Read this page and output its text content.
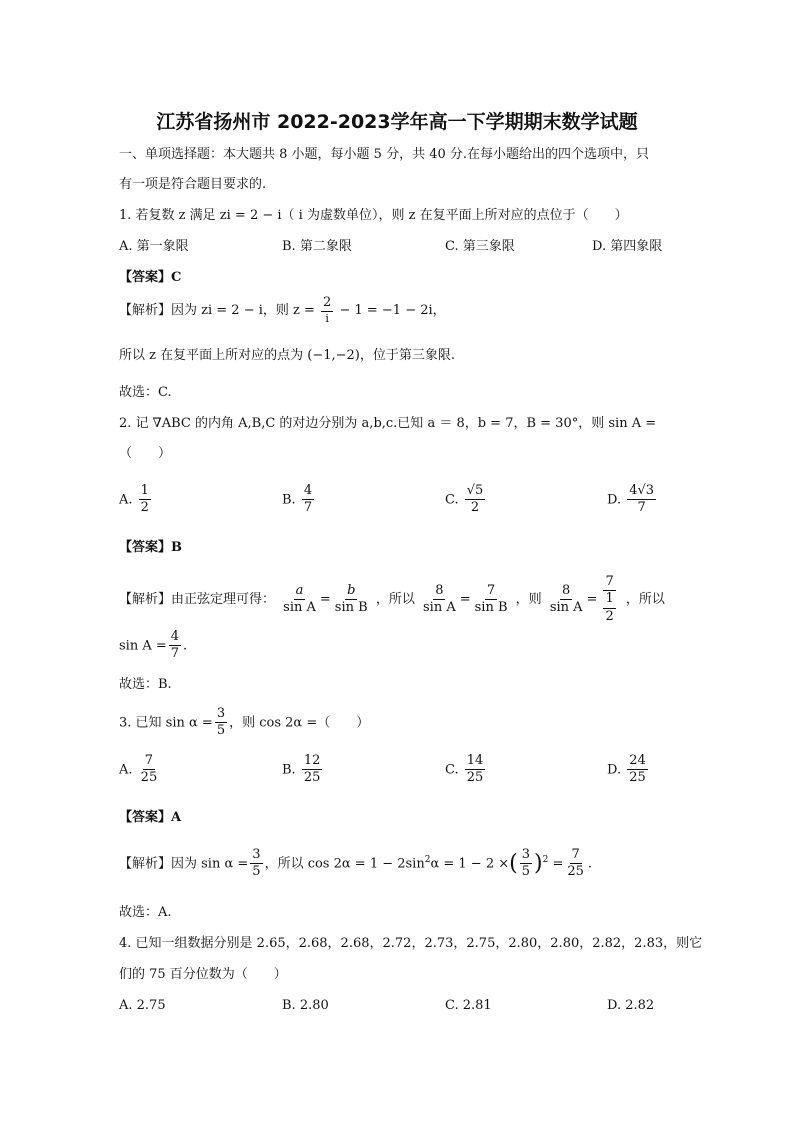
江苏省扬州市 2022-2023学年高一下学期期末数学试题
一、单项选择题：本大题共 8 小题，每小题 5 分，共 40 分.在每小题给出的四个选项中，只
有一项是符合题目要求的.
1. 若复数 z 满足 zi = 2 − i（ i 为虚数单位），则 z 在复平面上所对应的点位于（　　）
A. 第一象限	B. 第二象限	C. 第三象限	D. 第四象限
【答案】C
【解析】因为 zi = 2 − i，则 $z = \frac{2}{i} - 1 = -1 - 2i$，
所以 z 在复平面上所对应的点为 (−1,−2)，位于第三象限.
故选：C.
2. 记 ∇ABC 的内角 A,B,C 的对边分别为 a,b,c.已知 a ＝ 8，b = 7，B = 30°，则 sin A =
（　　）
A. $\frac{1}{2}$	B. $\frac{4}{7}$	C. $\frac{√5}{2}$	D. $\frac{4√3}{7}$
【答案】B
【解析】由正弦定理可得： $\frac{a}{\text{sin A}} = \frac{b}{\text{sin B}}$ ，所以 $\frac{8}{\text{sin A}} = \frac{7}{\text{sin B}}$ ，则 $\frac{8}{\text{sin A}} = \frac{7}{\frac{1}{2}}$ ，所以
$\sin A = \frac{4}{7}$ .
故选：B.
3. 已知 $\sin \alpha = \frac{3}{5}$ ，则 cos 2α =（　　）
A. $\frac{7}{25}$	B. $\frac{12}{25}$	C. $\frac{14}{25}$	D. $\frac{24}{25}$
【答案】A
【解析】因为 $\sin \alpha = \frac{3}{5}$ ，所以 $\cos 2\alpha = 1 - 2\sin^2\alpha = 1 - 2$ ×( $\frac{3}{5} )^2 = \frac{7}{25}$ .
故选：A.
4. 已知一组数据分别是 2.65，2.68，2.68，2.72，2.73，2.75，2.80，2.80，2.82，2.83，则它
们的 75 百分位数为（　　）
A. 2.75	B. 2.80	C. 2.81	D. 2.82
